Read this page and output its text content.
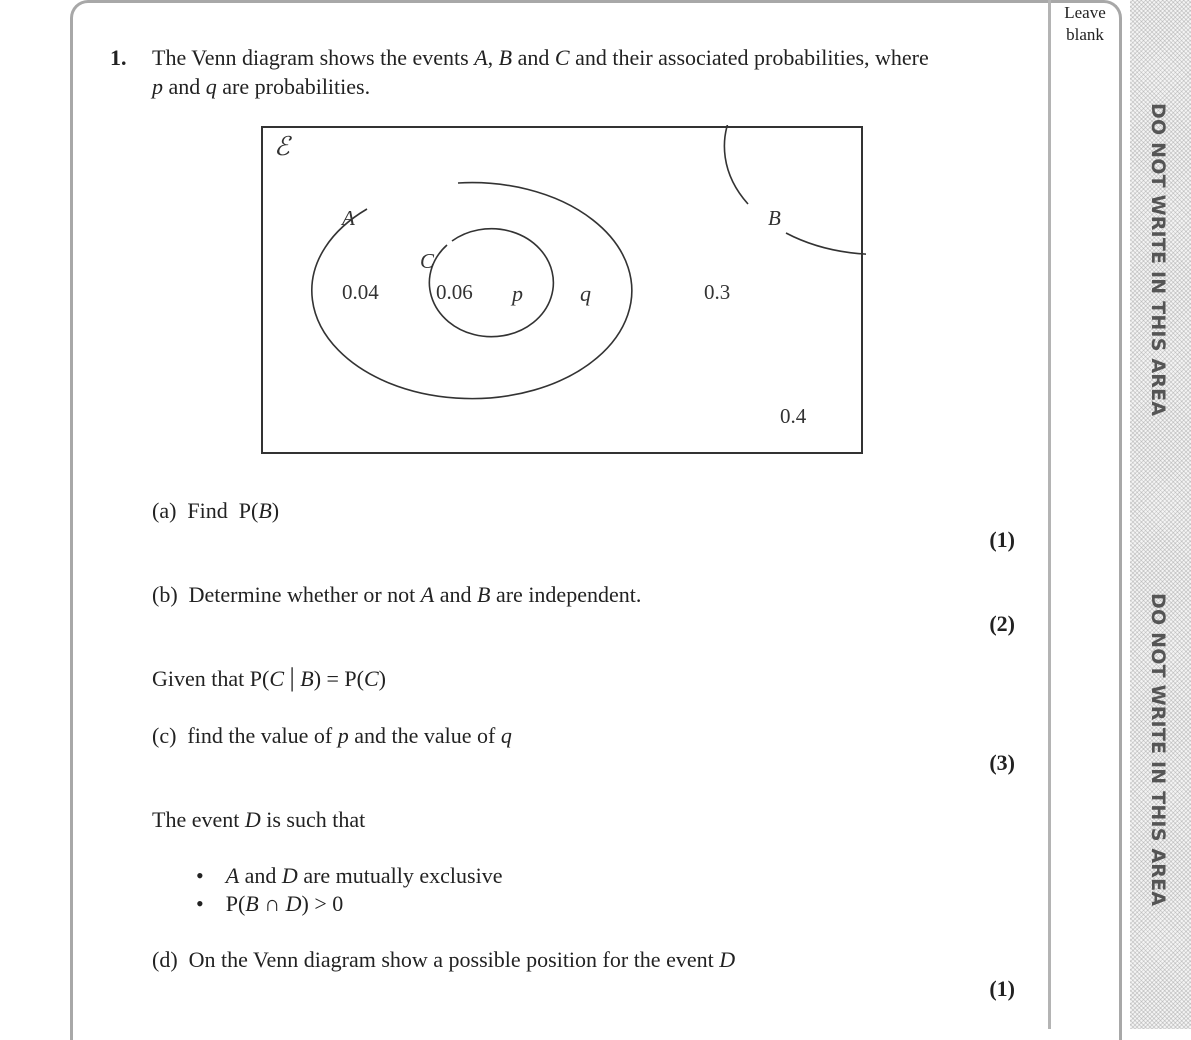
Leave
blank
DO NOT WRITE IN THIS AREA
DO NOT WRITE IN THIS AREA
1. The Venn diagram shows the events A, B and C and their associated probabilities, where
p and q are probabilities.
ℰ
A	B
C
0.04	0.06 p	q	0.3
0.4
(a)  Find  P(B)
(1)
(b)  Determine whether or not A and B are independent.
(2)
Given that P(C | B) = P(C)
(c)  find the value of p and the value of q
(3)
The event D is such that
•    A and D are mutually exclusive
•    P(B ∩ D) > 0
(d)  On the Venn diagram show a possible position for the event D
(1)
